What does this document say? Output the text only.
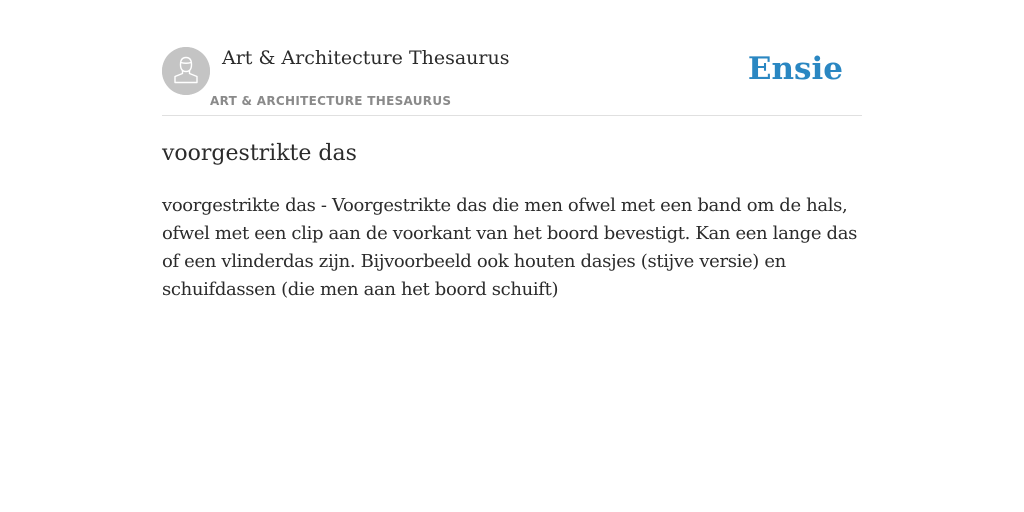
Art & Architecture Thesaurus
ART & ARCHITECTURE THESAURUS
Ensie
voorgestrikte das

voorgestrikte das - Voorgestrikte das die men ofwel met een band om de hals, ofwel met een clip aan de voorkant van het boord bevestigt. Kan een lange das of een vlinderdas zijn. Bijvoorbeeld ook houten dasjes (stijve versie) en schuifdassen (die men aan het boord schuift)
